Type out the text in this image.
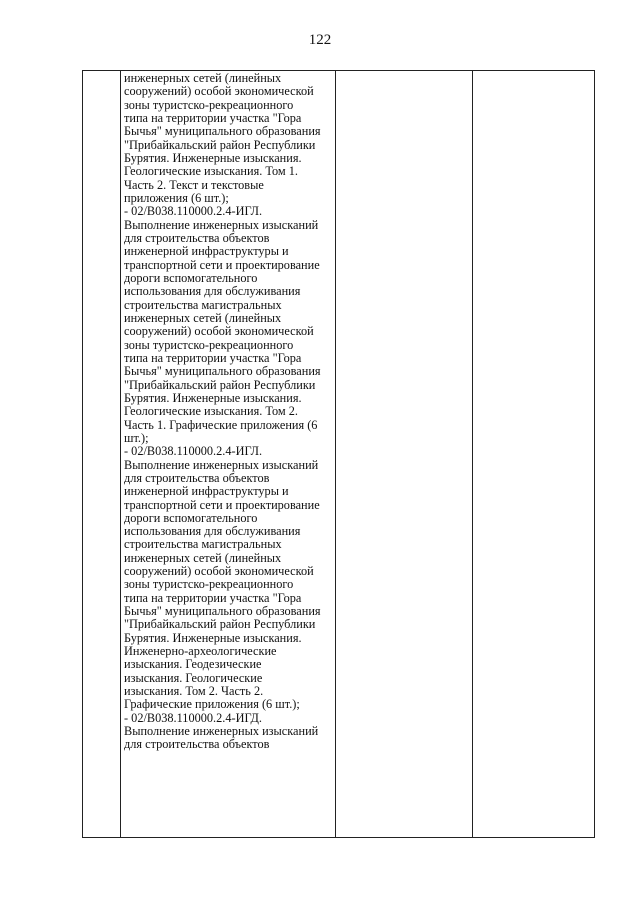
122
инженерных сетей (линейных
сооружений) особой экономической
зоны туристско-рекреационного
типа на территории участка "Гора
Бычья" муниципального образования
"Прибайкальский район Республики
Бурятия. Инженерные изыскания.
Геологические изыскания. Том 1.
Часть 2. Текст и текстовые
приложения (6 шт.);
- 02/В038.110000.2.4-ИГЛ.
Выполнение инженерных изысканий
для строительства объектов
инженерной инфраструктуры и
транспортной сети и проектирование
дороги вспомогательного
использования для обслуживания
строительства магистральных
инженерных сетей (линейных
сооружений) особой экономической
зоны туристско-рекреационного
типа на территории участка "Гора
Бычья" муниципального образования
"Прибайкальский район Республики
Бурятия. Инженерные изыскания.
Геологические изыскания. Том 2.
Часть 1. Графические приложения (6
шт.);
- 02/В038.110000.2.4-ИГЛ.
Выполнение инженерных изысканий
для строительства объектов
инженерной инфраструктуры и
транспортной сети и проектирование
дороги вспомогательного
использования для обслуживания
строительства магистральных
инженерных сетей (линейных
сооружений) особой экономической
зоны туристско-рекреационного
типа на территории участка "Гора
Бычья" муниципального образования
"Прибайкальский район Республики
Бурятия. Инженерные изыскания.
Инженерно-археологические
изыскания. Геодезические
изыскания. Геологические
изыскания. Том 2. Часть 2.
Графические приложения (6 шт.);
- 02/В038.110000.2.4-ИГД.
Выполнение инженерных изысканий
для строительства объектов
